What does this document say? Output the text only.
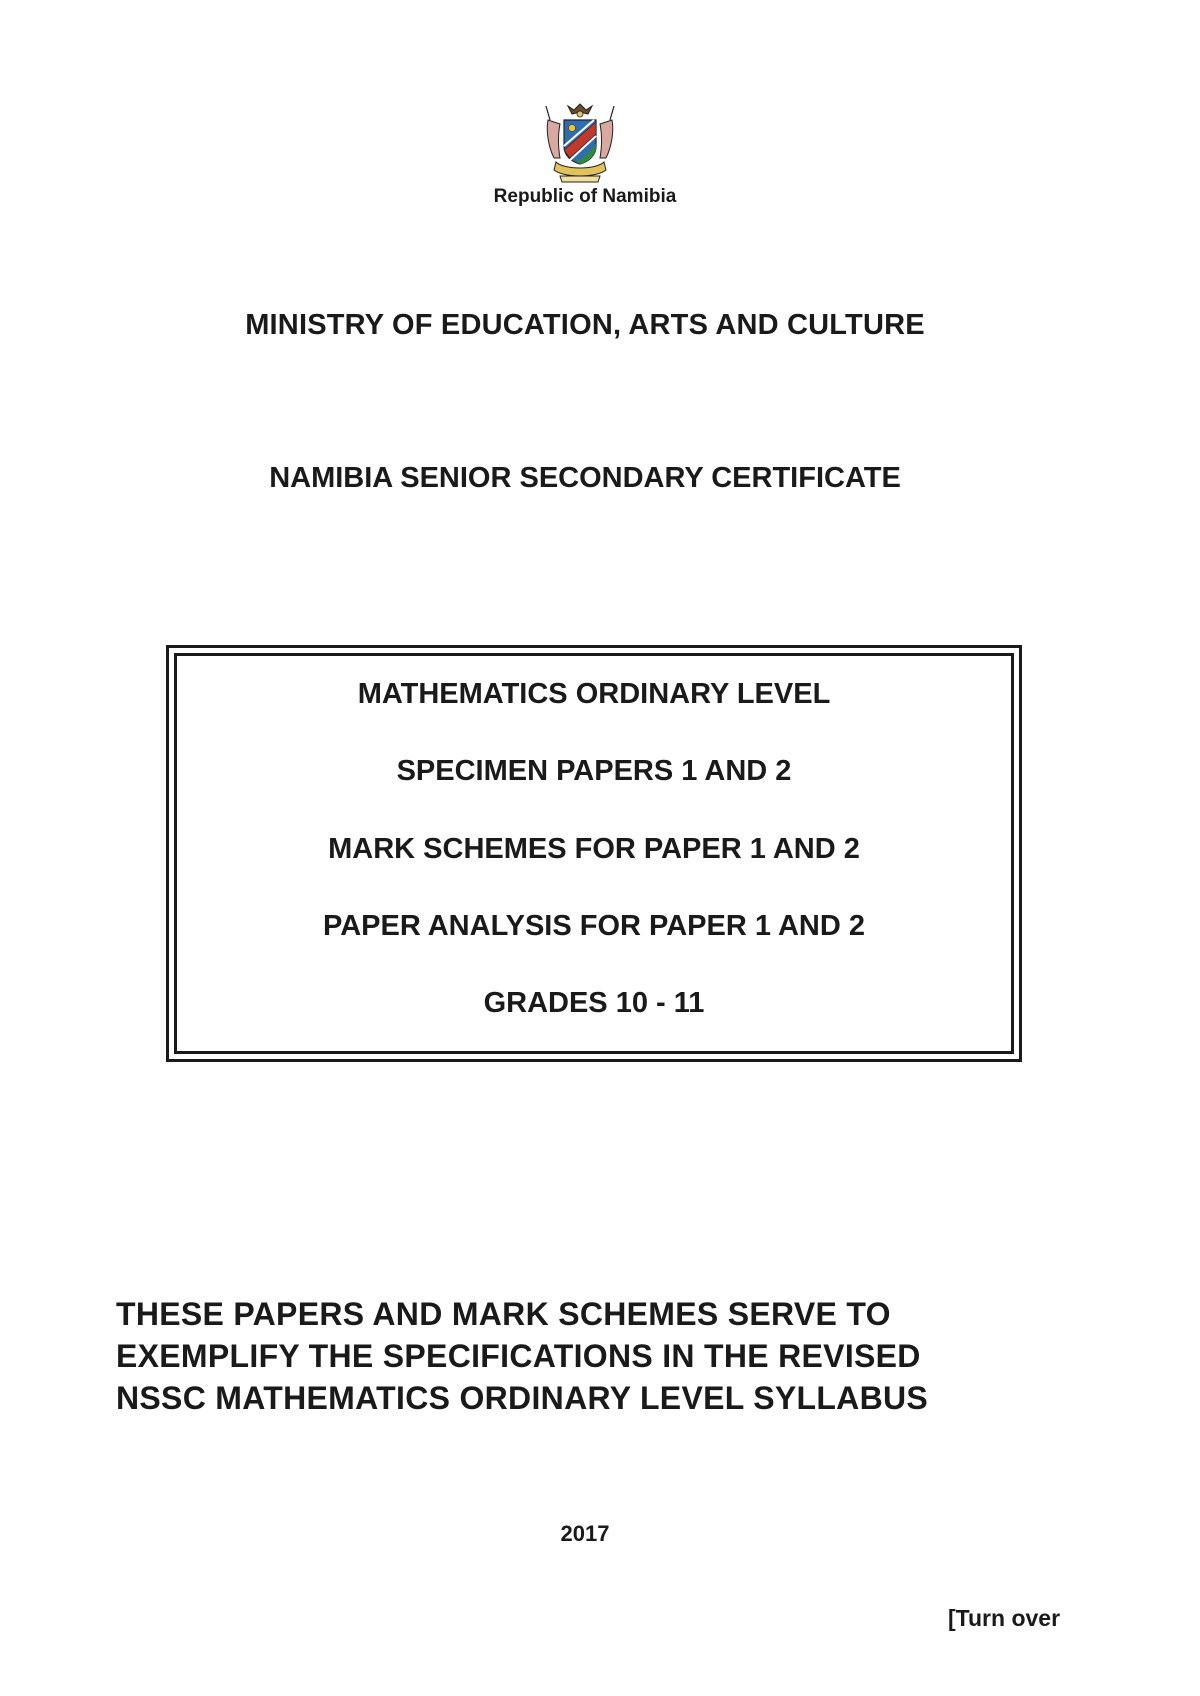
Republic of Namibia
MINISTRY OF EDUCATION, ARTS AND CULTURE
NAMIBIA SENIOR SECONDARY CERTIFICATE
MATHEMATICS ORDINARY LEVEL
SPECIMEN PAPERS 1 AND 2
MARK SCHEMES FOR PAPER 1 AND 2
PAPER ANALYSIS FOR PAPER 1 AND 2
GRADES 10 - 11
THESE PAPERS AND MARK SCHEMES SERVE TO
EXEMPLIFY THE SPECIFICATIONS IN THE REVISED
NSSC MATHEMATICS ORDINARY LEVEL SYLLABUS
2017
[Turn over
